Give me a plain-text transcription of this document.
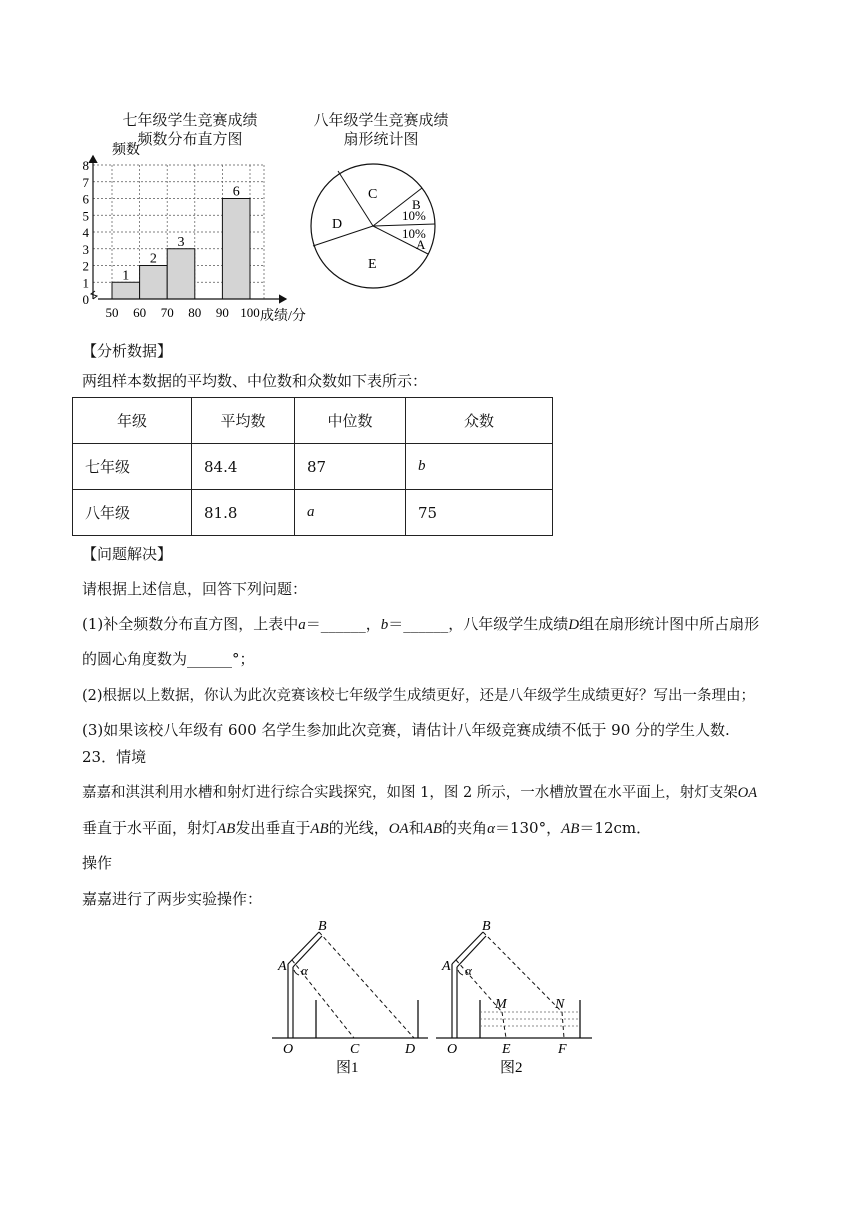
七年级学生竞赛成绩
频数分布直方图
八年级学生竞赛成绩
扇形统计图
1
2
3
6
0
1
2
3
4
5
6
7
8
50 60 70 80 90 100
频数
成绩/分
C
D
E
B
10%
10%
A
【分析数据】
两组样本数据的平均数、中位数和众数如下表所示：
年级	平均数	中位数	众数
七年级	84.4	87	b
八年级	81.8	a	75
【问题解决】
请根据上述信息，回答下列问题：
(1)补全频数分布直方图，上表中a＝______，b＝______，八年级学生成绩D组在扇形统计图中所占扇形
的圆心角度数为______°；
(2)根据以上数据，你认为此次竞赛该校七年级学生成绩更好，还是八年级学生成绩更好？写出一条理由；
(3)如果该校八年级有 600 名学生参加此次竞赛，请估计八年级竞赛成绩不低于 90 分的学生人数.
23．情境
嘉嘉和淇淇利用水槽和射灯进行综合实践探究，如图 1，图 2 所示，一水槽放置在水平面上，射灯支架OA
垂直于水平面，射灯AB发出垂直于AB的光线，OA和AB的夹角α＝130°，AB＝12cm．
操作
嘉嘉进行了两步实验操作：
A
B
α
O	C	D
图1
A
B
α
M	N
O	E	F
图2
